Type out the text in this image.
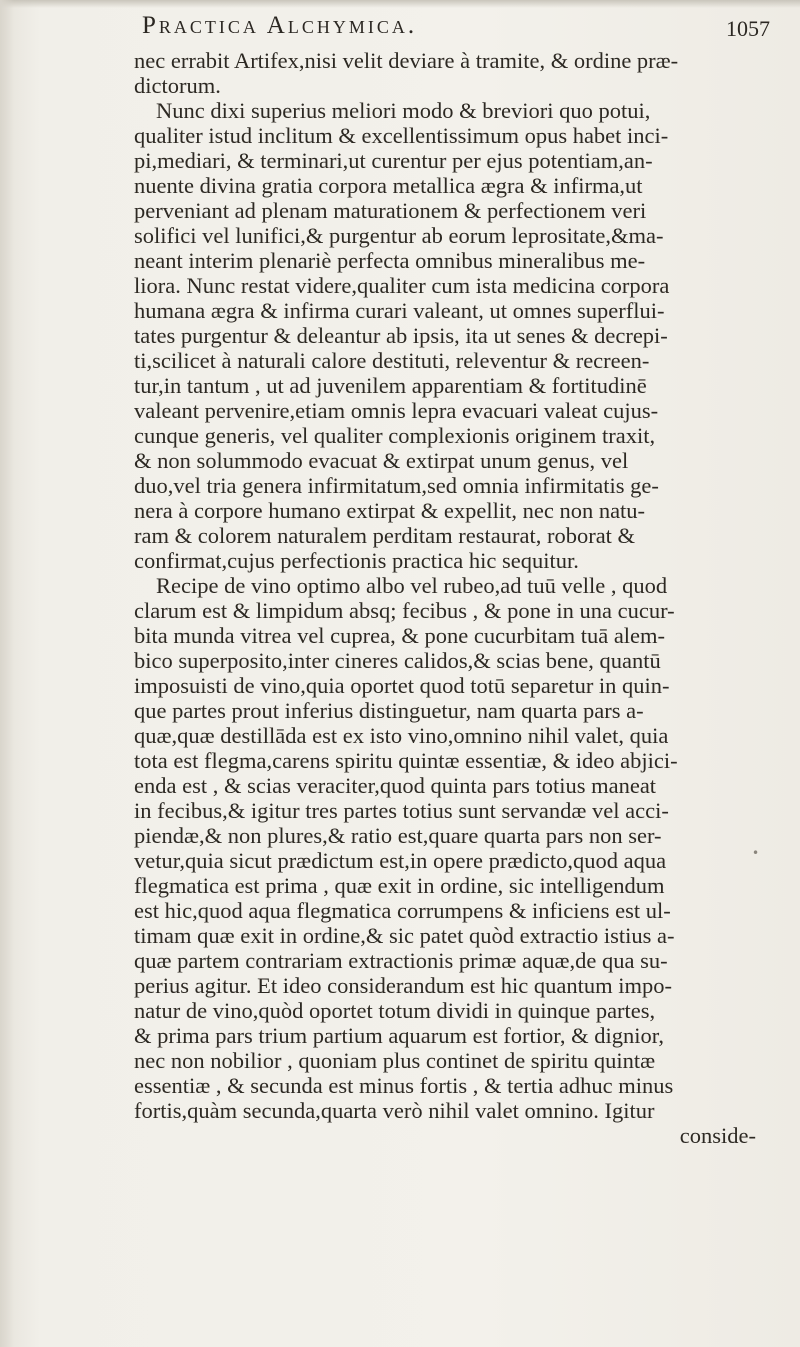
Practica Alchymica.	1057
•
nec errabit Artifex,nisi velit deviare à tramite, & ordine præ-
dictorum.
Nunc dixi superius meliori modo & breviori quo potui,
qualiter istud inclitum & excellentissimum opus habet inci-
pi,mediari, & terminari,ut curentur per ejus potentiam,an-
nuente divina gratia corpora metallica ægra & infirma,ut
perveniant ad plenam maturationem & perfectionem veri
solifici vel lunifici,& purgentur ab eorum leprositate,&ma-
neant interim plenariè perfecta omnibus mineralibus me-
liora. Nunc restat videre,qualiter cum ista medicina corpora
humana ægra & infirma curari valeant, ut omnes superflui-
tates purgentur & deleantur ab ipsis, ita ut senes & decrepi-
ti,scilicet à naturali calore destituti, releventur & recreen-
tur,in tantum , ut ad juvenilem apparentiam & fortitudinē
valeant pervenire,etiam omnis lepra evacuari valeat cujus-
cunque generis, vel qualiter complexionis originem traxit,
& non solummodo evacuat & extirpat unum genus, vel
duo,vel tria genera infirmitatum,sed omnia infirmitatis ge-
nera à corpore humano extirpat & expellit, nec non natu-
ram & colorem naturalem perditam restaurat, roborat &
confirmat,cujus perfectionis practica hic sequitur.
Recipe de vino optimo albo vel rubeo,ad tuū velle , quod
clarum est & limpidum absq; fecibus , & pone in una cucur-
bita munda vitrea vel cuprea, & pone cucurbitam tuā alem-
bico superposito,inter cineres calidos,& scias bene, quantū
imposuisti de vino,quia oportet quod totū separetur in quin-
que partes prout inferius distinguetur, nam quarta pars a-
quæ,quæ destillāda est ex isto vino,omnino nihil valet, quia
tota est flegma,carens spiritu quintæ essentiæ, & ideo abjici-
enda est , & scias veraciter,quod quinta pars totius maneat
in fecibus,& igitur tres partes totius sunt servandæ vel acci-
piendæ,& non plures,& ratio est,quare quarta pars non ser-
vetur,quia sicut prædictum est,in opere prædicto,quod aqua
flegmatica est prima , quæ exit in ordine, sic intelligendum
est hic,quod aqua flegmatica corrumpens & inficiens est ul-
timam quæ exit in ordine,& sic patet quòd extractio istius a-
quæ partem contrariam extractionis primæ aquæ,de qua su-
perius agitur. Et ideo considerandum est hic quantum impo-
natur de vino,quòd oportet totum dividi in quinque partes,
& prima pars trium partium aquarum est fortior, & dignior,
nec non nobilior , quoniam plus continet de spiritu quintæ
essentiæ , & secunda est minus fortis , & tertia adhuc minus
fortis,quàm secunda,quarta verò nihil valet omnino. Igitur
conside-
